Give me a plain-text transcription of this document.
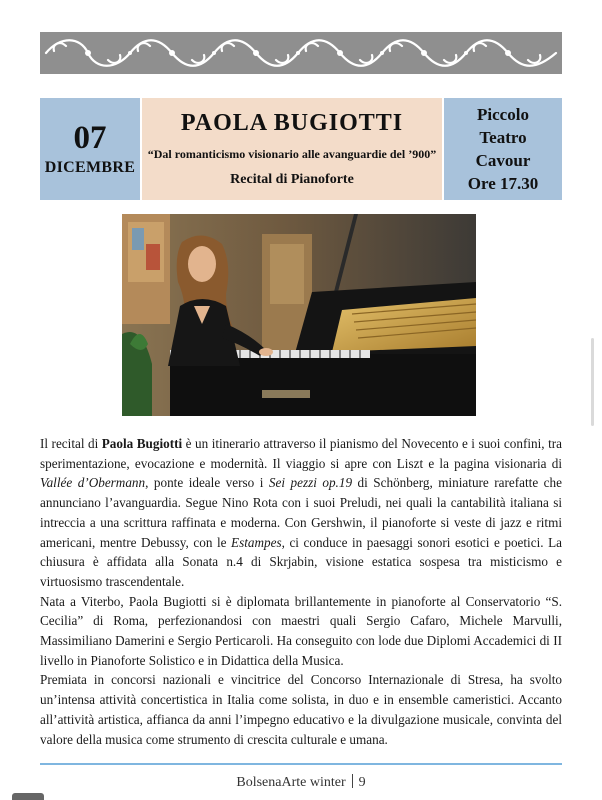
07
DICEMBRE
PAOLA BUGIOTTI
“Dal romanticismo visionario alle avanguardie del ’900”
Recital di Pianoforte
Piccolo
Teatro
Cavour
Ore 17.30

Il recital di Paola Bugiotti è un itinerario attraverso il pianismo del Novecento e i suoi confini, tra sperimentazione, evocazione e modernità. Il viaggio si apre con Liszt e la pagina visionaria di Vallée d’Obermann, ponte ideale verso i Sei pezzi op.19 di Schönberg, miniature rarefatte che annunciano l’avanguardia. Segue Nino Rota con i suoi Preludi, nei quali la cantabilità italiana si intreccia a una scrittura raffinata e moderna. Con Gershwin, il pianoforte si veste di jazz e ritmi americani, mentre Debussy, con le Estampes, ci conduce in paesaggi sonori esotici e poetici. La chiusura è affidata alla Sonata n.4 di Skrjabin, visione estatica sospesa tra misticismo e virtuosismo trascendentale.

Nata a Viterbo, Paola Bugiotti si è diplomata brillantemente in pianoforte al Conservatorio “S. Cecilia” di Roma, perfezionandosi con maestri quali Sergio Cafaro, Michele Marvulli, Massimiliano Damerini e Sergio Perticaroli. Ha conseguito con lode due Diplomi Accademici di II livello in Pianoforte Solistico e in Didattica della Musica.

Premiata in concorsi nazionali e vincitrice del Concorso Internazionale di Stresa, ha svolto un’intensa attività concertistica in Italia come solista, in duo e in ensemble cameristici. Accanto all’attività artistica, affianca da anni l’impegno educativo e la divulgazione musicale, convinta del valore della musica come strumento di crescita culturale e umana.

BolsenaArte winter 9
